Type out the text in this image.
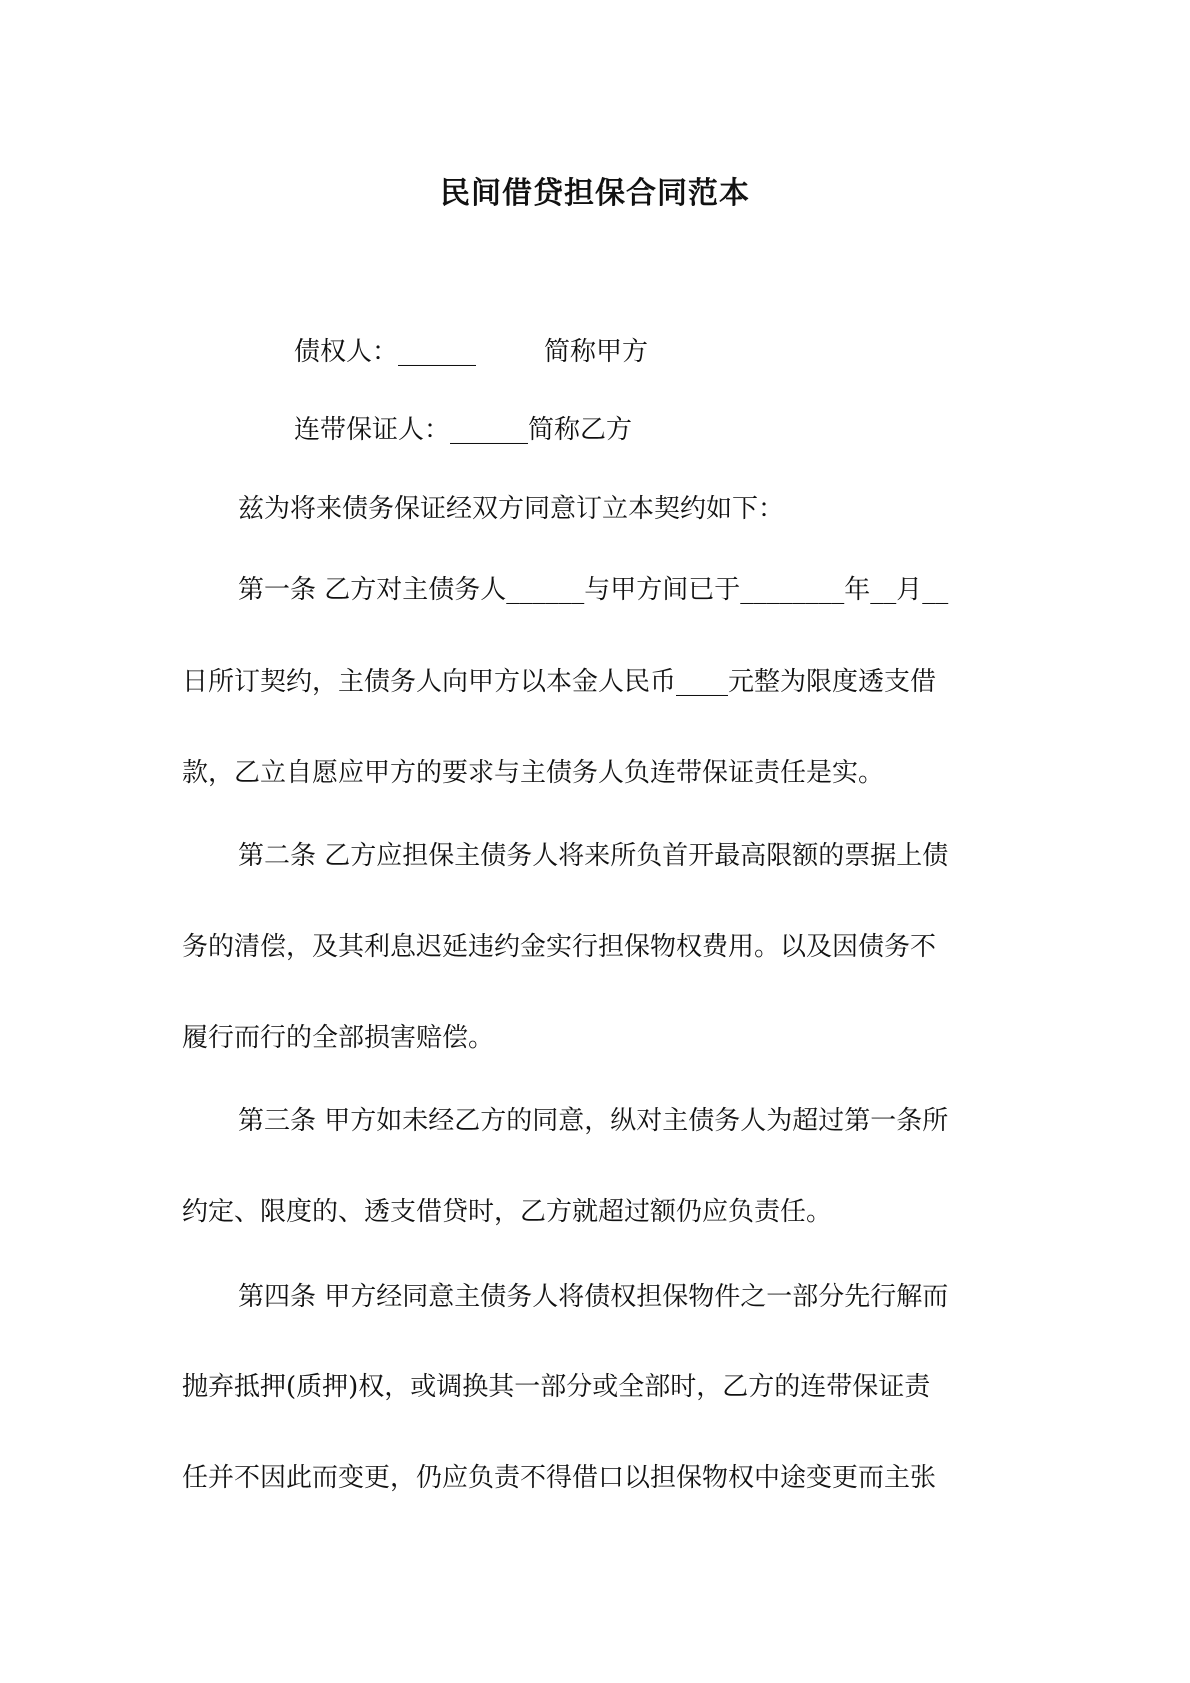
民间借贷担保合同范本

债权人：______	简称甲方

连带保证人：______简称乙方

兹为将来债务保证经双方同意订立本契约如下：

第一条 乙方对主债务人______与甲方间已于________年__月__

日所订契约，主债务人向甲方以本金人民币____元整为限度透支借

款，乙立自愿应甲方的要求与主债务人负连带保证责任是实。

第二条 乙方应担保主债务人将来所负首开最高限额的票据上债

务的清偿，及其利息迟延违约金实行担保物权费用。以及因债务不

履行而行的全部损害赔偿。

第三条 甲方如未经乙方的同意，纵对主债务人为超过第一条所

约定、限度的、透支借贷时，乙方就超过额仍应负责任。

第四条 甲方经同意主债务人将债权担保物件之一部分先行解而

抛弃抵押(质押)权，或调换其一部分或全部时，乙方的连带保证责

任并不因此而变更，仍应负责不得借口以担保物权中途变更而主张
